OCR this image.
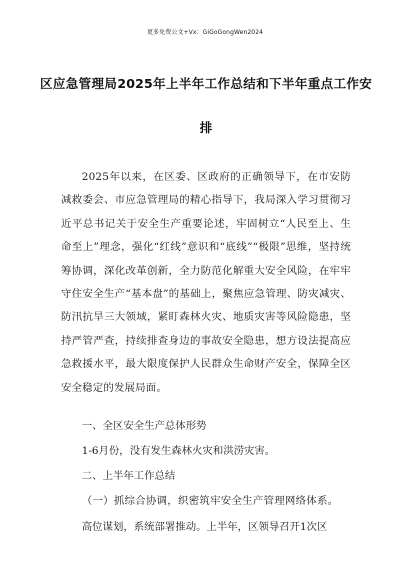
更多免费公文+Vx：GiGoGongWen2024
区应急管理局2025年上半年工作总结和下半年重点工作安
排

2025年以来，在区委、区政府的正确领导下，在市安防减救委会、市应急管理局的精心指导下，我局深入学习贯彻习近平总书记关于安全生产重要论述，牢固树立“人民至上、生命至上”理念，强化“红线”意识和“底线”“极限”思维，坚持统筹协调，深化改革创新，全力防范化解重大安全风险，在牢牢守住安全生产“基本盘”的基础上，聚焦应急管理、防灾减灾、防汛抗旱三大领域，紧盯森林火灾、地质灾害等风险隐患，坚持严管严查，持续排查身边的事故安全隐患，想方设法提高应急救援水平，最大限度保护人民群众生命财产安全，保障全区安全稳定的发展局面。

一、全区安全生产总体形势

1-6月份，没有发生森林火灾和洪涝灾害。

二、上半年工作总结

（一）抓综合协调，织密筑牢安全生产管理网络体系。

高位谋划，系统部署推动。上半年，区领导召开1次区
